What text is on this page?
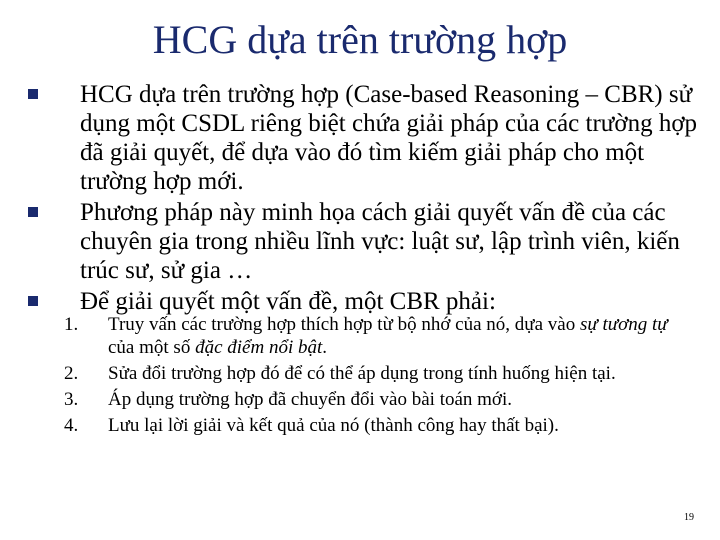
HCG dựa trên trường hợp
HCG dựa trên trường hợp (Case-based Reasoning – CBR) sử dụng một CSDL riêng biệt chứa giải pháp của các trường hợp đã giải quyết, để dựa vào đó tìm kiếm giải pháp cho một trường hợp mới.
Phương pháp này minh họa cách giải quyết vấn đề của các chuyên gia trong nhiều lĩnh vực: luật sư, lập trình viên, kiến trúc sư, sử gia …
Để giải quyết một vấn đề, một CBR phải:
1.	Truy vấn các trường hợp thích hợp từ bộ nhớ của nó, dựa vào sự tương tự của một số đặc điểm nổi bật.
2.	Sửa đổi trường hợp đó để có thể áp dụng trong tính huống hiện tại.
3.	Áp dụng trường hợp đã chuyển đổi vào bài toán mới.
4.	Lưu lại lời giải và kết quả của nó (thành công hay thất bại).
19
